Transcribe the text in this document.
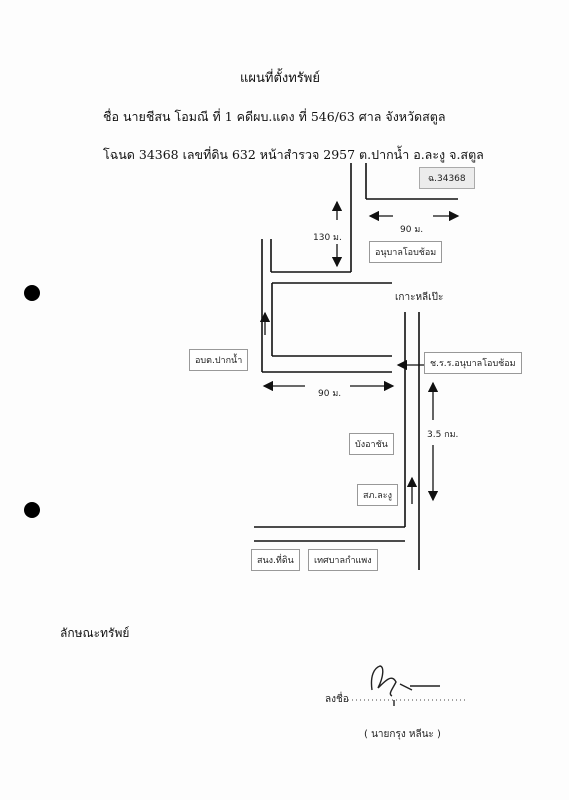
แผนที่ตั้งทรัพย์
ชื่อ นายชีสน โอมณี ที่ 1 คดีผบ.แดง ที่ 546/63 ศาล จังหวัดสตูล
โฉนด 34368 เลขที่ดิน 632 หน้าสำรวจ 2957 ต.ปากน้ำ อ.ละงู จ.สตูล
ฉ.34368
130 ม.
90 ม.
อนุบาลโอบช้อม
เกาะหลีเป๊ะ
อบต.ปากน้ำ	ช.ร.ร.อนุบาลโอบช้อม
90 ม.
3.5 กม.
บังอาชัน
สภ.ละงู
สนง.ที่ดิน	เทศบาลกำแพง
ลักษณะทรัพย์
ลงชื่อ
( นายกรุง หลีนะ )
